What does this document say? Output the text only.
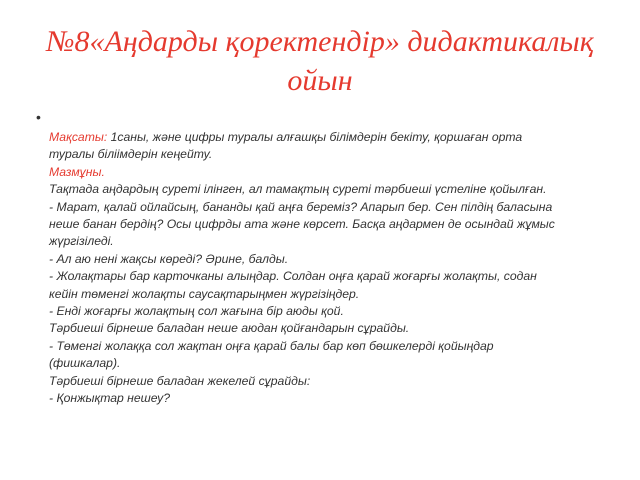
№8«Аңдарды қоректендір» дидактикалық ойын
•
Мақсаты: 1саны, және цифры туралы алғашқы білімдерін бекіту, қоршаған орта
туралы біліімдерін кеңейту.
Мазмұны.
Тақтада аңдардың суреті ілінген, ал тамақтың суреті тәрбиеші үстеліне қойылған.
- Марат, қалай ойлайсың, бананды қай аңға береміз? Апарып бер. Сен пілдің баласына
неше банан бердің? Осы цифрды ата және көрсет. Басқа аңдармен де осындай жұмыс
жүргізіледі.
- Ал аю нені жақсы көреді? Әрине, балды.
- Жолақтары бар карточканы алыңдар. Солдан оңға қарай жоғарғы жолақты, содан
кейін төменгі жолақты саусақтарыңмен жүргізіңдер.
- Енді жоғарғы жолақтың сол жағына бір аюды қой.
Тәрбиеші бірнеше баладан неше аюдан қойғандарын сұрайды.
- Төменгі жолаққа сол жақтан оңға қарай балы бар көп бөшкелерді қойыңдар
(фишкалар).
Тәрбиеші бірнеше баладан жекелей сұрайды:
- Қонжықтар нешеу?
